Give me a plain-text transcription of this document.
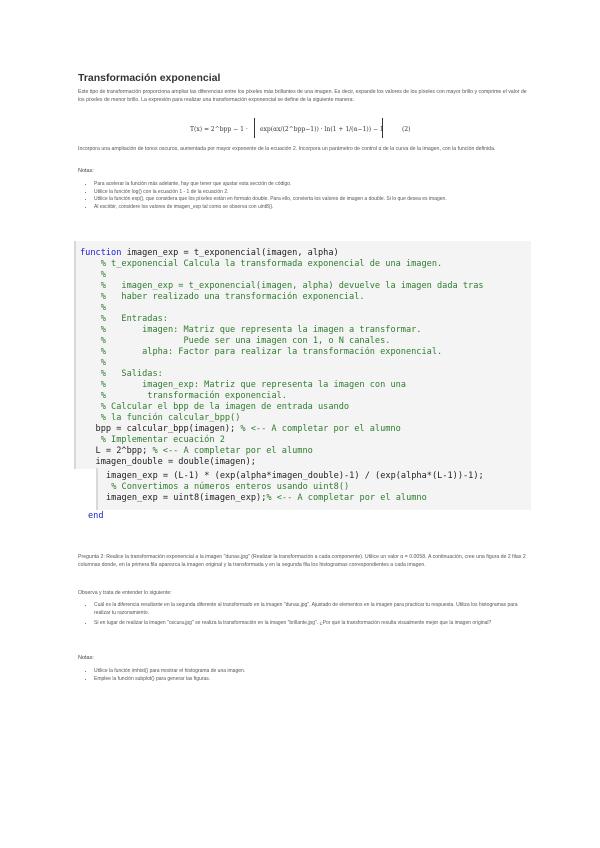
Transformación exponencial
Este tipo de transformación proporciona ampliar las diferencias entre los píxeles más brillantes de una imagen. Es decir, expande los valores de los píxeles con mayor brillo y comprime el valor de los píxeles de menor brillo. La expresión para realizar una transformación exponencial se define de la siguiente manera:
T(x) = 2^bpp − 1 · exp(αx/(2^bpp−1)) · ln(1 + 1/(α−1)) − 1	(2)
Incorpora una ampliación de tonos oscuros, aumentada por mayor exponente de la ecuación 2. Incorpora un parámetro de control α de la curva de la imagen, con la función definida.
Notas:
• Para acelerar la función más adelante, hay que tener que ajustar esta sección de código.
• Utilice la función log() con la ecuación 1 - 1 de la ecuación 2.
• Utilice la función exp(), que considera que los píxeles están en formato double. Para ello, convierta los valores de imagen a double. Si lo que desea es imagen.
• Al escribir, considere los valores de imagen_exp tal como se observa con uint8().
function imagen_exp = t_exponencial(imagen, alpha)
% t_exponencial Calcula la transformada exponencial de una imagen.
%
%   imagen_exp = t_exponencial(imagen, alpha) devuelve la imagen dada tras
%   haber realizado una transformación exponencial.
%
%   Entradas:
%       imagen: Matriz que representa la imagen a transformar.
%               Puede ser una imagen con 1, o N canales.
%       alpha: Factor para realizar la transformación exponencial.
%
%   Salidas:
%       imagen_exp: Matriz que representa la imagen con una
%        transformación exponencial.
% Calcular el bpp de la imagen de entrada usando
% la función calcular_bpp()
bpp = calcular_bpp(imagen); % <-- A completar por el alumno
% Implementar ecuación 2
L = 2^bpp; % <-- A completar por el alumno
imagen_double = double(imagen);
imagen_exp = (L-1) * (exp(alpha*imagen_double)-1) / (exp(alpha*(L-1))-1);
% Convertimos a números enteros usando uint8()
imagen_exp = uint8(imagen_exp);% <-- A completar por el alumno
Pregunta 2: Realice la transformación exponencial a la imagen "dunas.jpg" (Realizar la transformación a cada componente). Utilice un valor α = 0.0058. A continuación, cree una figura de 2 filas 2 columnas donde, en la primera fila aparezca la imagen original y la transformada y en la segunda fila los histogramas correspondientes a cada imagen.
Observa y trata de entender lo siguiente:
• Cuál es la diferencia resultante en la segunda diferente al transformado en la imagen "dunas.jpg". Ajustado de elementos en la imagen para practicar tu respuesta. Utiliza los histogramas para realizar tu razonamiento.
• Si en lugar de realizar la imagen "oscura.jpg" se realiza la transformación en la imagen "brillante.jpg". ¿Por qué la transformación resulta visualmente mejor que la imagen original?
Notas:
• Utilice la función imhist() para mostrar el histograma de una imagen.
• Emplee la función subplot() para generar las figuras.
end
